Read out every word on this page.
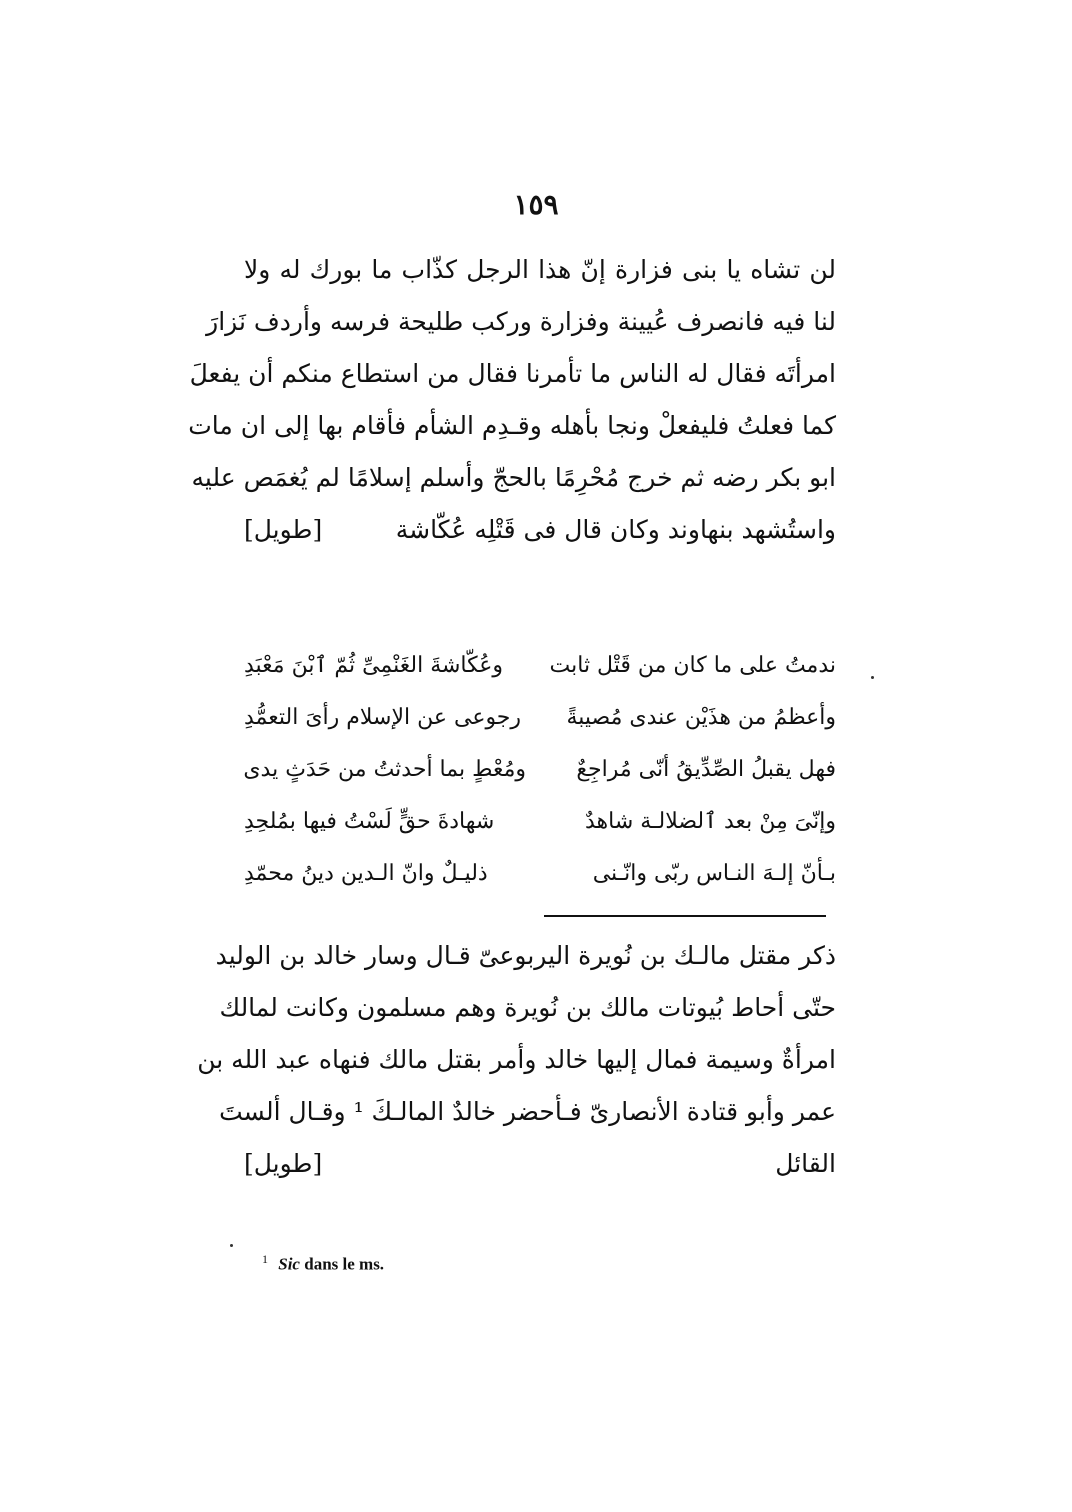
١٥٩
لن تشاه يا بنى فزارة إنّ هذا الرجل كذّاب ما بورك له ولا
لنا فيه فانصرف عُيينة وفزارة وركب طليحة فرسه وأردف نَزارَ
امرأتَه فقال له الناس ما تأمرنا فقال من استطاع منكم أن يفعلَ
كما فعلتُ فليفعلْ ونجا بأهله وقـدِم الشأم فأقام بها إلى ان مات
ابو بكر رضه ثم خرج مُحْرِمًا بالحجّ وأسلم إسلامًا لم يُغمَص عليه
واستُشهد بنهاوند وكان قال فى قَتْلِه عُكّاشة
[طويل]
ندمتُ على ما كان من قَتْل ثابت
وعُكّاشةَ الغَنْمِىِّ ثُمّ ٱبْنَ مَعْبَدِ
وأعظمُ من هذَيْن عندى مُصيبةً
رجوعى عن الإسلام رأىَ التعمُّدِ
فهل يقبلُ الصِّدِّيقُ أنّى مُراجِعٌ
ومُعْطٍ بما أحدثتُ من حَدَثٍ يدى
وإنّىَ مِنْ بعد ٱلضلالـة شاهدٌ
شهادةَ حقٍّ لَسْتُ فيها بمُلحِدِ
بـأنّ إلـهَ النـاس ربّى وانّـنى
ذليـلٌ وانّ الـدين دينُ محمّدِ
ذكر مقتل مالـك بن نُويرة اليربوعىّ قـال وسار خالد بن الوليد
حتّى أحاط بُيوتات مالك بن نُويرة وهم مسلمون وكانت لمالك
امرأةٌ وسيمة فمال إليها خالد وأمر بقتل مالك فنهاه عبد الله بن
عمر وأبو قتادة الأنصارىّ فـأحضر خالدٌ المالـكَ ¹ وقـال ألستَ
القائل
[طويل]
$^1$ Sic dans le ms.
